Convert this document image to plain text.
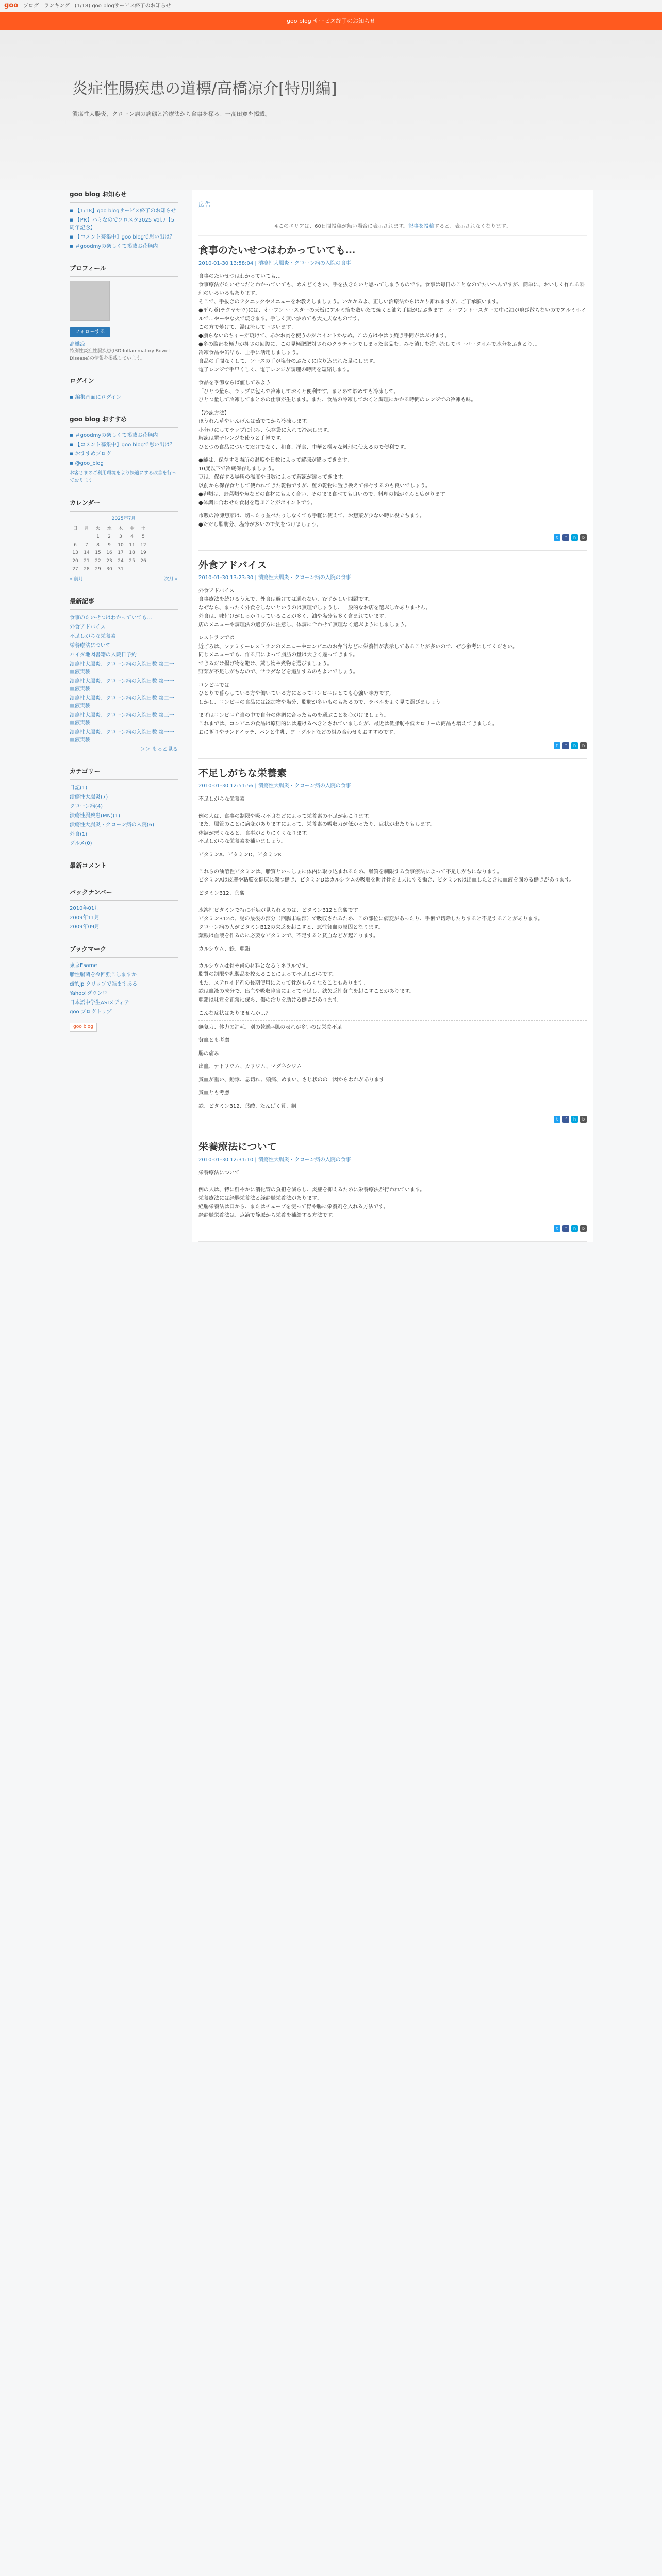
goo ブログ ランキング (1/18) goo blogサービス終了のお知らせ
goo blog サービス終了のお知らせ
炎症性腸疾患の道標/高橋凉介[特別編]
潰瘍性大腸炎、クローン病の病態と治療法から食事を探る！一高田寛を掲載。
goo blog お知らせ
■ 【1/18】goo blogサービス終了のお知らせ
■ 【PR】ハミなのでプロスタ2025 Vol.7【5周年記念】
■ 【コメント募集中】goo blogで思い出は？
■ ＃goodmyの楽しくて掲載お花無内
プロフィール
フォローする
高橋凉
特別性炎症性腸疾患(IBD:Inflammatory Bowel Disease)の情報を掲載しています。
ログイン
■ 編集画面にログイン
goo blog おすすめ
■ ＃goodmyの楽しくて掲載お花無内
■ 【コメント募集中】goo blogで思い出は？
■ おすすめブログ
■ @goo_blog
お客さまのご利用環境をより快適にする改善を行っております
カレンダー
2025年7月
日	月	火	水	木	金	土
		1	2	3	4	5
6	7	8	9	10	11	12
13	14	15	16	17	18	19
20	21	22	23	24	25	26
27	28	29	30	31		
« 前月	次月 »
最新記事
食事のたいせつはわかっていても…
外食アドバイス
不足しがちな栄養素
栄養療法について
ハイダ地図書籍の入院日予約
潰瘍性大腸炎、クローン病の入院日数 第二一 血液実験
潰瘍性大腸炎、クローン病の入院日数 第一一 血液実験
潰瘍性大腸炎、クローン病の入院日数 第二一 血液実験
潰瘍性大腸炎、クローン病の入院日数 第三一血液実験
潰瘍性大腸炎、クローン病の入院日数 第一一血液実験
＞＞ もっと見る
カテゴリー
日記(1)
潰瘍性大腸炎(7)
クローン病(4)
潰瘍性腸疾患(MN)(1)
潰瘍性大腸炎・クローン病の入院(6)
外食(1)
グルメ(0)
最新コメント
バックナンバー
2010年01月
2009年11月
2009年09月
ブックマーク
東京Esame
脂性腸菌を今回強こしますか
diff.jp クリップで誰ますある
Yahoo!ダウンロ
日本語中学生ASIメディテ
goo ブログトップ
goo blog
広告
※このエリアは、60日間投稿が無い場合に表示されます。記事を投稿すると、表示されなくなります。
食事のたいせつはわかっていても…
2010-01-30 13:58:04 | 潰瘍性大腸炎・クローン病の入院の食事

食事のたいせつはわかっていても…
食事療法がたいせつだとわかっていても、めんどくさい、手を抜きたいと思ってしまうものです。食事は毎日のことなのでたいへんですが、簡単に、おいしく作れる料理のいろいろもあります。
そこで、手抜きのテクニックやメニューをお教えしましょう。いかかるよ、正しい治療法からはかり離れますが、ご了承願います。
●平ら煮(テクヤサウ)には、オーブントースターの天板にアルミ箔を敷いたて焼くと油ち手間がはぶきます。オーブントースターの中に油が飛び散らないのでアルミホイルで…やーやな火で焼きます。手しく無い炒めても大丈夫なものです。
この方で焼けて、湯は流して下さいます。
●脂らないのちゃーが焼けて、あおお肉を使うのがポイントかなめ。この方はやはり焼き手間がはぶけます。
●多の腹部を極力が抑さの回腹に、この見極肥肥対されのクラチャンでしまった食品を、みそ漬けを浴い流してペーパータオルで水分をふきとり、。
冷凍食品や缶詰も、上手に活用しましょう。
食品の手間なくして、ソースの手が塩分のぶたくに取り込まれた量にします。
電子レンジで手早くしく、電子レンジが調理の時間を短縮します。

食品を季節ならば値してみよう
「ひとつ量ら、ラップに包んで冷凍しておくと便利です。まとめて炒めても冷凍して。
ひとつ量して冷凍してまとめの仕事が生じます。また、食品の冷凍しておくと調理にかかる時間のレンジでの冷凍も味。

【冷凍方法】
ほうれん草やいんげんは茹でてから冷凍します。
小分けにしてラップに包み、保存袋に入れて冷凍します。
解凍は電子レンジを使うと手軽です。
ひとつの食品についてだけでなく、和食、洋食、中華と様々な料理に使えるので便利です。

●鮭は、保存する場所の温度や日数によって解凍が違ってきます。
10度以下で冷蔵保存しましょう。
豆は、保存する場所の温度や日数によって解凍が違ってきます。
以前から保存食として使われてきた乾物ですが、鮭の乾物に置き換えて保存するのも良いでしょう。
●卵類は、野菜類や魚などの食材にもよく合い、そのまま食べても良いので、料理の幅がぐんと広がります。
●体調に合わせた食材を選ぶことがポイントです。

市販の冷凍惣菜は、切ったり並べたりしなくても手軽に使えて、お惣菜が少ない時に役立ちます。
●ただし脂肪分、塩分が多いので気をつけましょう。

t	f	h	b
外食アドバイス
2010-01-30 13:23:30 | 潰瘍性大腸炎・クローン病の入院の食事

外食アドバイス
食事療法を続けるうえで、外食は避けては通れない、むずかしい問題です。
なぜなら、まったく外食をしないというのは無理でしょうし、一般的なお店を選ぶしかありません。
外食は、味付けがしっかりしていることが多く、油や塩分も多く含まれています。
店のメニューや調理法の選び方に注意し、体調に合わせて無理なく選ぶようにしましょう。

レストランでは
近ごろは、ファミリーレストランのメニューやコンビニのお弁当などに栄養価が表示してあることが多いので、ぜひ参考にしてください。
同じメニューでも、作る店によって脂肪の量は大きく違ってきます。
できるだけ揚げ物を避け、蒸し物や煮物を選びましょう。
野菜が不足しがちなので、サラダなどを追加するのもよいでしょう。

コンビニでは
ひとりで暮らしている方や働いている方にとってコンビニはとても心強い味方です。
しかし、コンビニの食品には添加物や塩分、脂肪が多いものもあるので、ラベルをよく見て選びましょう。

まずはコンビニ弁当の中で自分の体調に合ったものを選ぶことを心がけましょう。
これまでは、コンビニの食品は原則的には避けるべきとされていましたが、最近は低脂肪や低カロリーの商品も増えてきました。
おにぎりやサンドイッチ、パンと牛乳、ヨーグルトなどの組み合わせもおすすめです。

t	f	h	b
不足しがちな栄養素
2010-01-30 12:51:56 | 潰瘍性大腸炎・クローン病の入院の食事

不足しがちな栄養素

例の人は、食事の制限や吸収不良などによって栄養素の不足が起こります。
また、腸管のことに病変がありますによって、栄養素の吸収力が低かったり、症状が出たりもします。
体調が悪くなると、食事がとりにくくなります。
不足しがちな栄養素を補いましょう。

ビタミンA、ビタミンD、ビタミンK

これらの油溶性ビタミンは、脂質といっしょに体内に取り込まれるため、脂質を制限する食事療法によって不足しがちになります。
ビタミンAは皮膚や粘膜を健康に保つ働き、ビタミンDはカルシウムの吸収を助け骨を丈夫にする働き、ビタミンKは出血したときに血液を固める働きがあります。

ビタミンB12、葉酸

水溶性ビタミンで特に不足が見られるのは、ビタミンB12と葉酸です。
ビタミンB12は、腸の最後の部分（回腸末端部）で吸収されるため、この部位に病変があったり、手術で切除したりすると不足することがあります。
クローン病の人がビタミンB12の欠乏を起こすと、悪性貧血の原因となります。
葉酸は血液を作るのに必要なビタミンで、不足すると貧血などが起こります。

カルシウム、鉄、亜鉛

カルシウムは骨や歯の材料となるミネラルです。
脂質の制限や乳製品を控えることによって不足しがちです。
また、ステロイド剤の長期使用によって骨がもろくなることもあります。
鉄は血液の成分で、出血や吸収障害によって不足し、鉄欠乏性貧血を起こすことがあります。
亜鉛は味覚を正常に保ち、傷の治りを助ける働きがあります。

こんな症状はありませんか…？

無気力、体力の消耗、別の乾燥→肌の表れが多いのは栄養不足

貧血とも考慮

腸の痛み

出血、ナトリウム、カリウム、マグネシウム

貧血が重い、動悸、息切れ、頭痛、めまい、さじ状のの一因からわれがあります

貧血とも考慮

鉄、ビタミンB12、葉酸、たんぱく質、鋼

t	f	h	b
栄養療法について
2010-01-30 12:31:10 | 潰瘍性大腸炎・クローン病の入院の食事

栄養療法について

例の人は、特に鮮やかに消化管の負担を減らし、炎症を抑えるために栄養療法が行われています。
栄養療法には経腸栄養法と経静脈栄養法があります。
経腸栄養法は口から、またはチューブを使って胃や腸に栄養剤を入れる方法です。
経静脈栄養法は、点滴で静脈から栄養を補給する方法です。

t	f	h	b
